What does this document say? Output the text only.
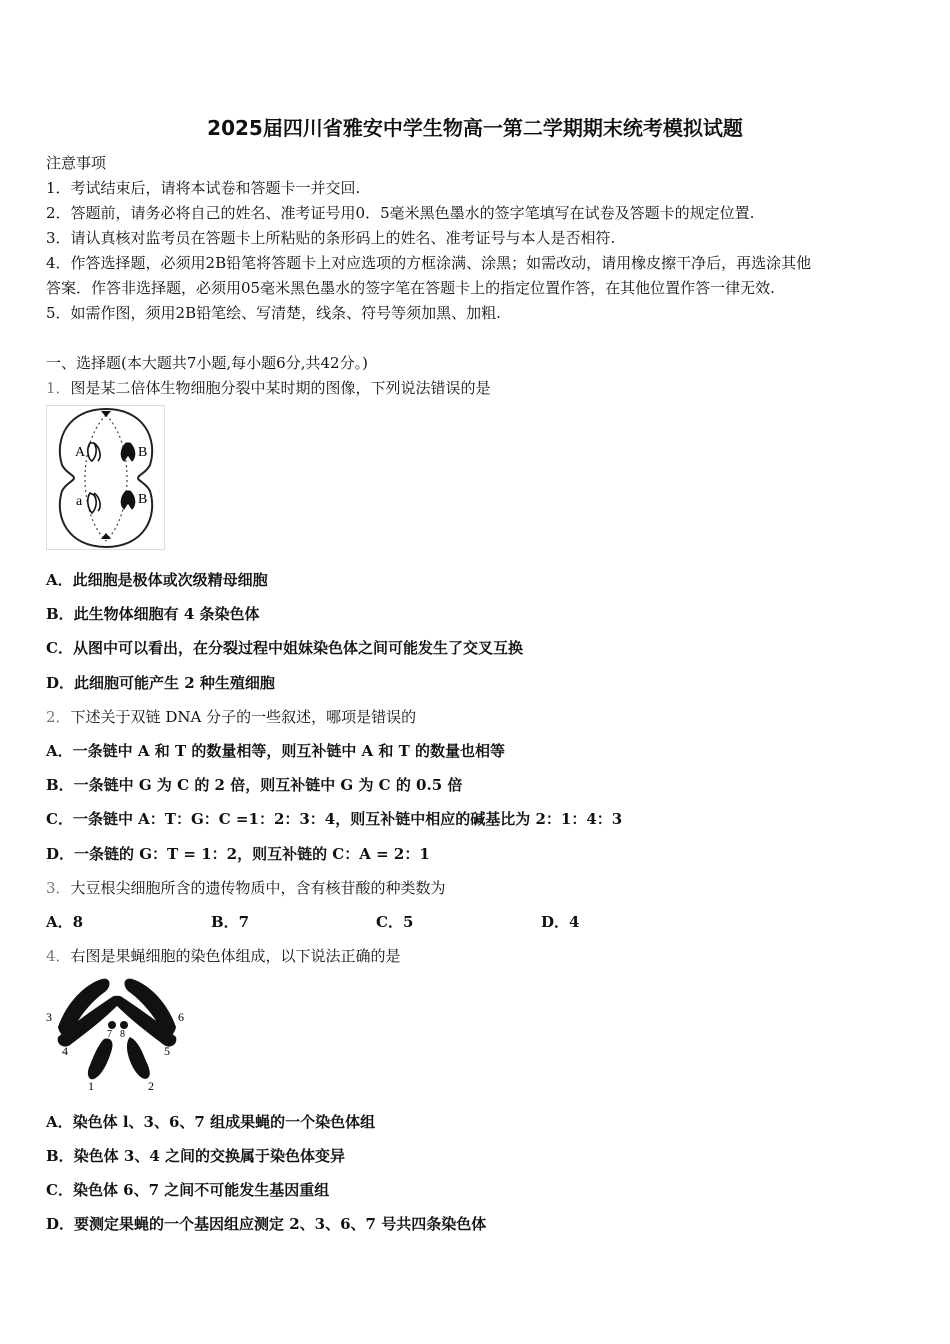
2025届四川省雅安中学生物高一第二学期期末统考模拟试题
注意事项
1．考试结束后，请将本试卷和答题卡一并交回.
2．答题前，请务必将自己的姓名、准考证号用0．5毫米黑色墨水的签字笔填写在试卷及答题卡的规定位置.
3．请认真核对监考员在答题卡上所粘贴的条形码上的姓名、准考证号与本人是否相符.
4．作答选择题，必须用2B铅笔将答题卡上对应选项的方框涂满、涂黑；如需改动，请用橡皮擦干净后，再选涂其他
答案．作答非选择题，必须用05毫米黑色墨水的签字笔在答题卡上的指定位置作答，在其他位置作答一律无效.
5．如需作图，须用2B铅笔绘、写清楚，线条、符号等须加黑、加粗.
一、选择题(本大题共7小题,每小题6分,共42分。)
1．图是某二倍体生物细胞分裂中某时期的图像，下列说法错误的是
A	B
a	B
A．此细胞是极体或次级精母细胞
B．此生物体细胞有 4 条染色体
C．从图中可以看出，在分裂过程中姐妹染色体之间可能发生了交叉互换
D．此细胞可能产生 2 种生殖细胞
2．下述关于双链 DNA 分子的一些叙述，哪项是错误的
A．一条链中 A 和 T 的数量相等，则互补链中 A 和 T 的数量也相等
B．一条链中 G 为 C 的 2 倍，则互补链中 G 为 C 的 0.5 倍
C．一条链中 A：T：G：C =1：2：3：4，则互补链中相应的碱基比为 2：1：4：3
D．一条链的 G：T = 1：2，则互补链的 C：A = 2：1
3．大豆根尖细胞所含的遗传物质中，含有核苷酸的种类数为
A．8	B．7	C．5	D．4
4．右图是果蝇细胞的染色体组成，以下说法正确的是
3	6
7 8
4	5
1	2
A．染色体 l、3、6、7 组成果蝇的一个染色体组
B．染色体 3、4 之间的交换属于染色体变异
C．染色体 6、7 之间不可能发生基因重组
D．要测定果蝇的一个基因组应测定 2、3、6、7 号共四条染色体
